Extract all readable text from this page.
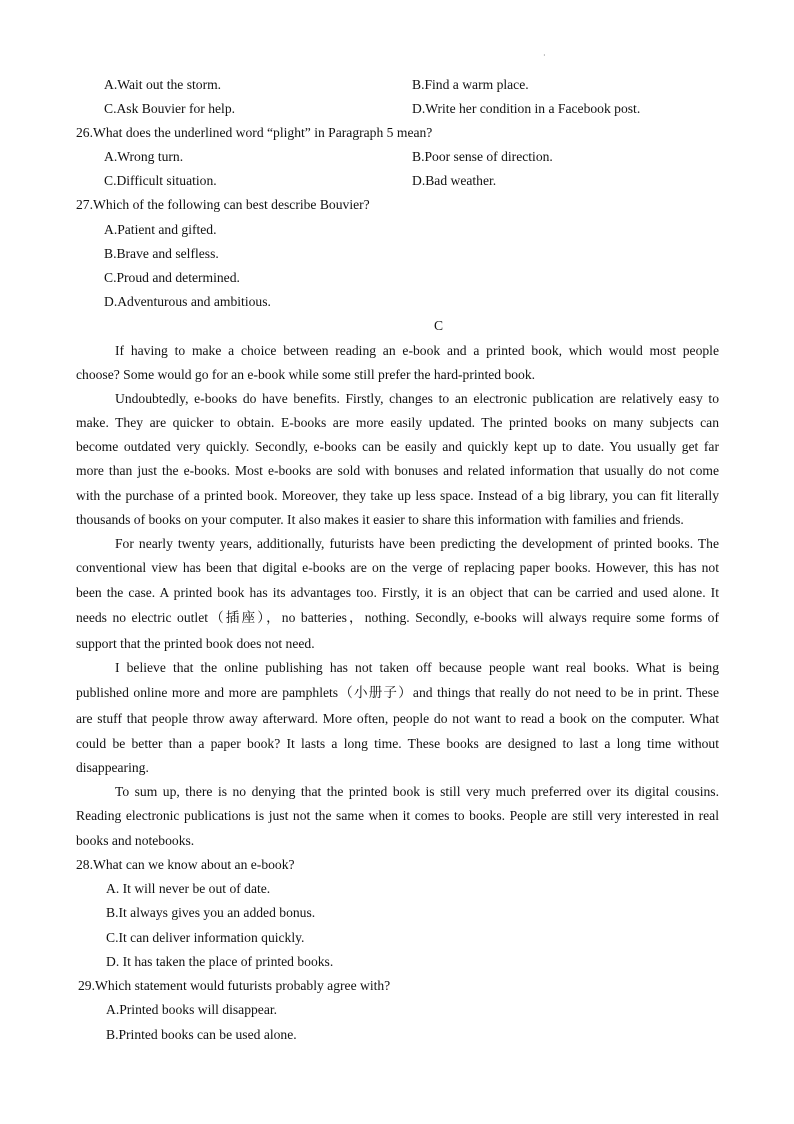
·
A.Wait out the storm.	B.Find a warm place.
C.Ask Bouvier for help.	D.Write her condition in a Facebook post.
26.What does the underlined word “plight” in Paragraph 5 mean?
A.Wrong turn.	B.Poor sense of direction.
C.Difficult situation.	D.Bad weather.
27.Which of the following can best describe Bouvier?
A.Patient and gifted.
B.Brave and selfless.
C.Proud and determined.
D.Adventurous and ambitious.
C
If having to make a choice between reading an e-book and a printed book, which would most people
choose? Some would go for an e-book while some still prefer the hard-printed book.
Undoubtedly, e-books do have benefits. Firstly, changes to an electronic publication are relatively easy to
make. They are quicker to obtain. E-books are more easily updated. The printed books on many subjects can
become outdated very quickly. Secondly, e-books can be easily and quickly kept up to date. You usually get far
more than just the e-books. Most e-books are sold with bonuses and related information that usually do not come
with the purchase of a printed book. Moreover, they take up less space. Instead of a big library, you can fit literally
thousands of books on your computer. It also makes it easier to share this information with families and friends.
For nearly twenty years, additionally, futurists have been predicting the development of printed books. The
conventional view has been that digital e-books are on the verge of replacing paper books. However, this has not
been the case. A printed book has its advantages too. Firstly, it is an object that can be carried and used alone. It
needs no electric outlet（插座），no batteries，nothing. Secondly, e-books will always require some forms of
support that the printed book does not need.
I believe that the online publishing has not taken off because people want real books. What is being
published online more and more are pamphlets（小册子）and things that really do not need to be in print. These
are stuff that people throw away afterward. More often, people do not want to read a book on the computer. What
could be better than a paper book? It lasts a long time. These books are designed to last a long time without
disappearing.
To sum up, there is no denying that the printed book is still very much preferred over its digital cousins.
Reading electronic publications is just not the same when it comes to books. People are still very interested in real
books and notebooks.
28.What can we know about an e-book?
A. It will never be out of date.
B.It always gives you an added bonus.
C.It can deliver information quickly.
D. It has taken the place of printed books.
29.Which statement would futurists probably agree with?
A.Printed books will disappear.
B.Printed books can be used alone.
